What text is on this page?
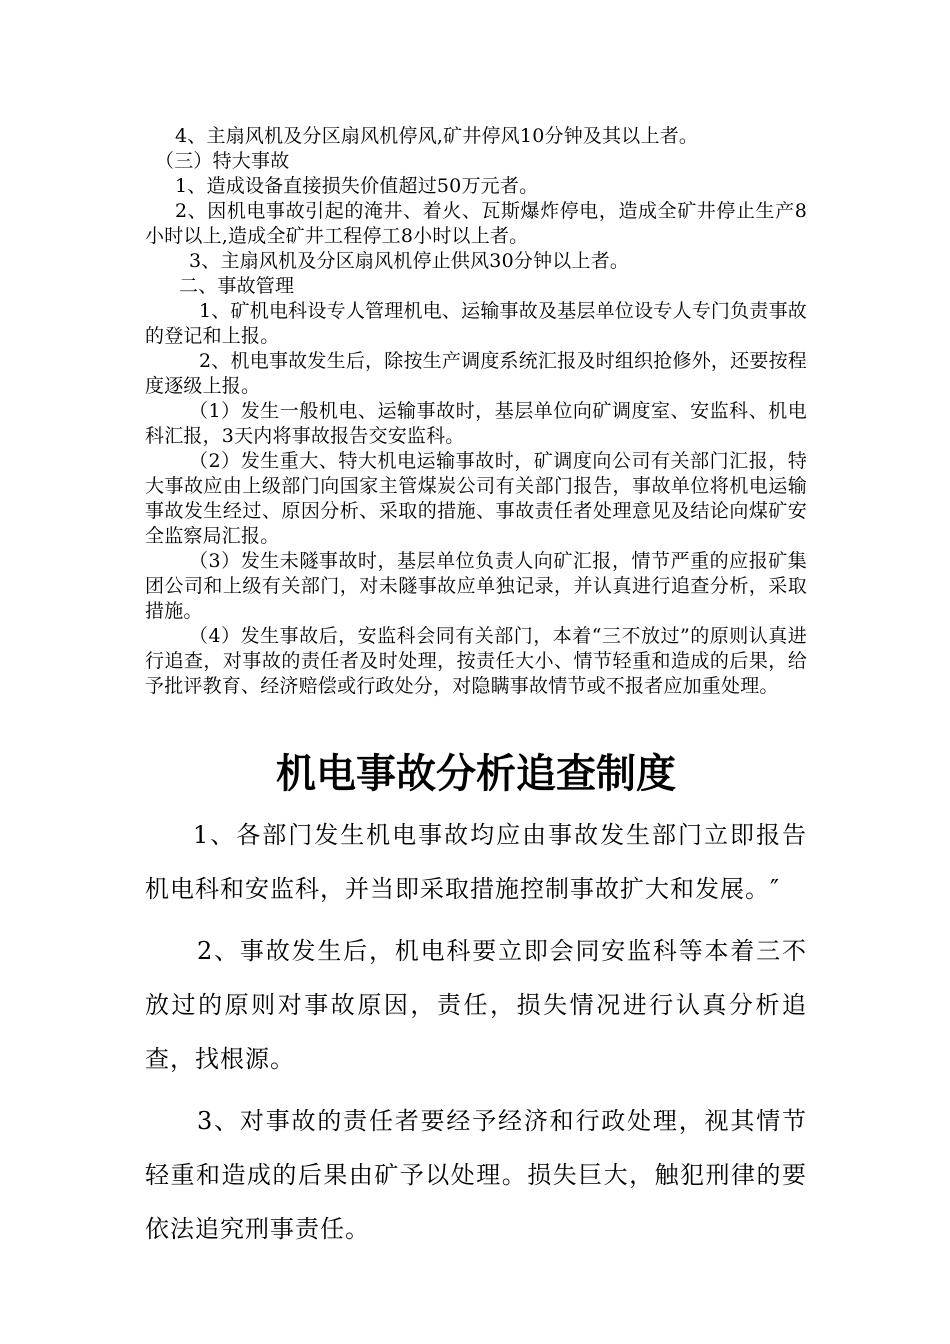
4、主扇风机及分区扇风机停风,矿井停风10分钟及其以上者。

（三）特大事故

1、造成设备直接损失价值超过50万元者。

2、因机电事故引起的淹井、着火、瓦斯爆炸停电，造成全矿井停止生产8小时以上,造成全矿井工程停工8小时以上者。

3、主扇风机及分区扇风机停止供风30分钟以上者。

二、事故管理

1、矿机电科设专人管理机电、运输事故及基层单位设专人专门负责事故的登记和上报。

2、机电事故发生后，除按生产调度系统汇报及时组织抢修外，还要按程度逐级上报。

（1）发生一般机电、运输事故时，基层单位向矿调度室、安监科、机电科汇报，3天内将事故报告交安监科。

（2）发生重大、特大机电运输事故时，矿调度向公司有关部门汇报，特大事故应由上级部门向国家主管煤炭公司有关部门报告，事故单位将机电运输事故发生经过、原因分析、采取的措施、事故责任者处理意见及结论向煤矿安全监察局汇报。

（3）发生未隧事故时，基层单位负责人向矿汇报，情节严重的应报矿集团公司和上级有关部门，对未隧事故应单独记录，并认真进行追查分析，采取措施。

（4）发生事故后，安监科会同有关部门，本着“三不放过”的原则认真进行追查，对事故的责任者及时处理，按责任大小、情节轻重和造成的后果，给予批评教育、经济赔偿或行政处分，对隐瞒事故情节或不报者应加重处理。

机电事故分析追查制度

1、各部门发生机电事故均应由事故发生部门立即报告机电科和安监科，并当即采取措施控制事故扩大和发展。″

2、事故发生后，机电科要立即会同安监科等本着三不放过的原则对事故原因，责任，损失情况进行认真分析追查，找根源。

3、对事故的责任者要经予经济和行政处理，视其情节轻重和造成的后果由矿予以处理。损失巨大，触犯刑律的要依法追究刑事责任。
